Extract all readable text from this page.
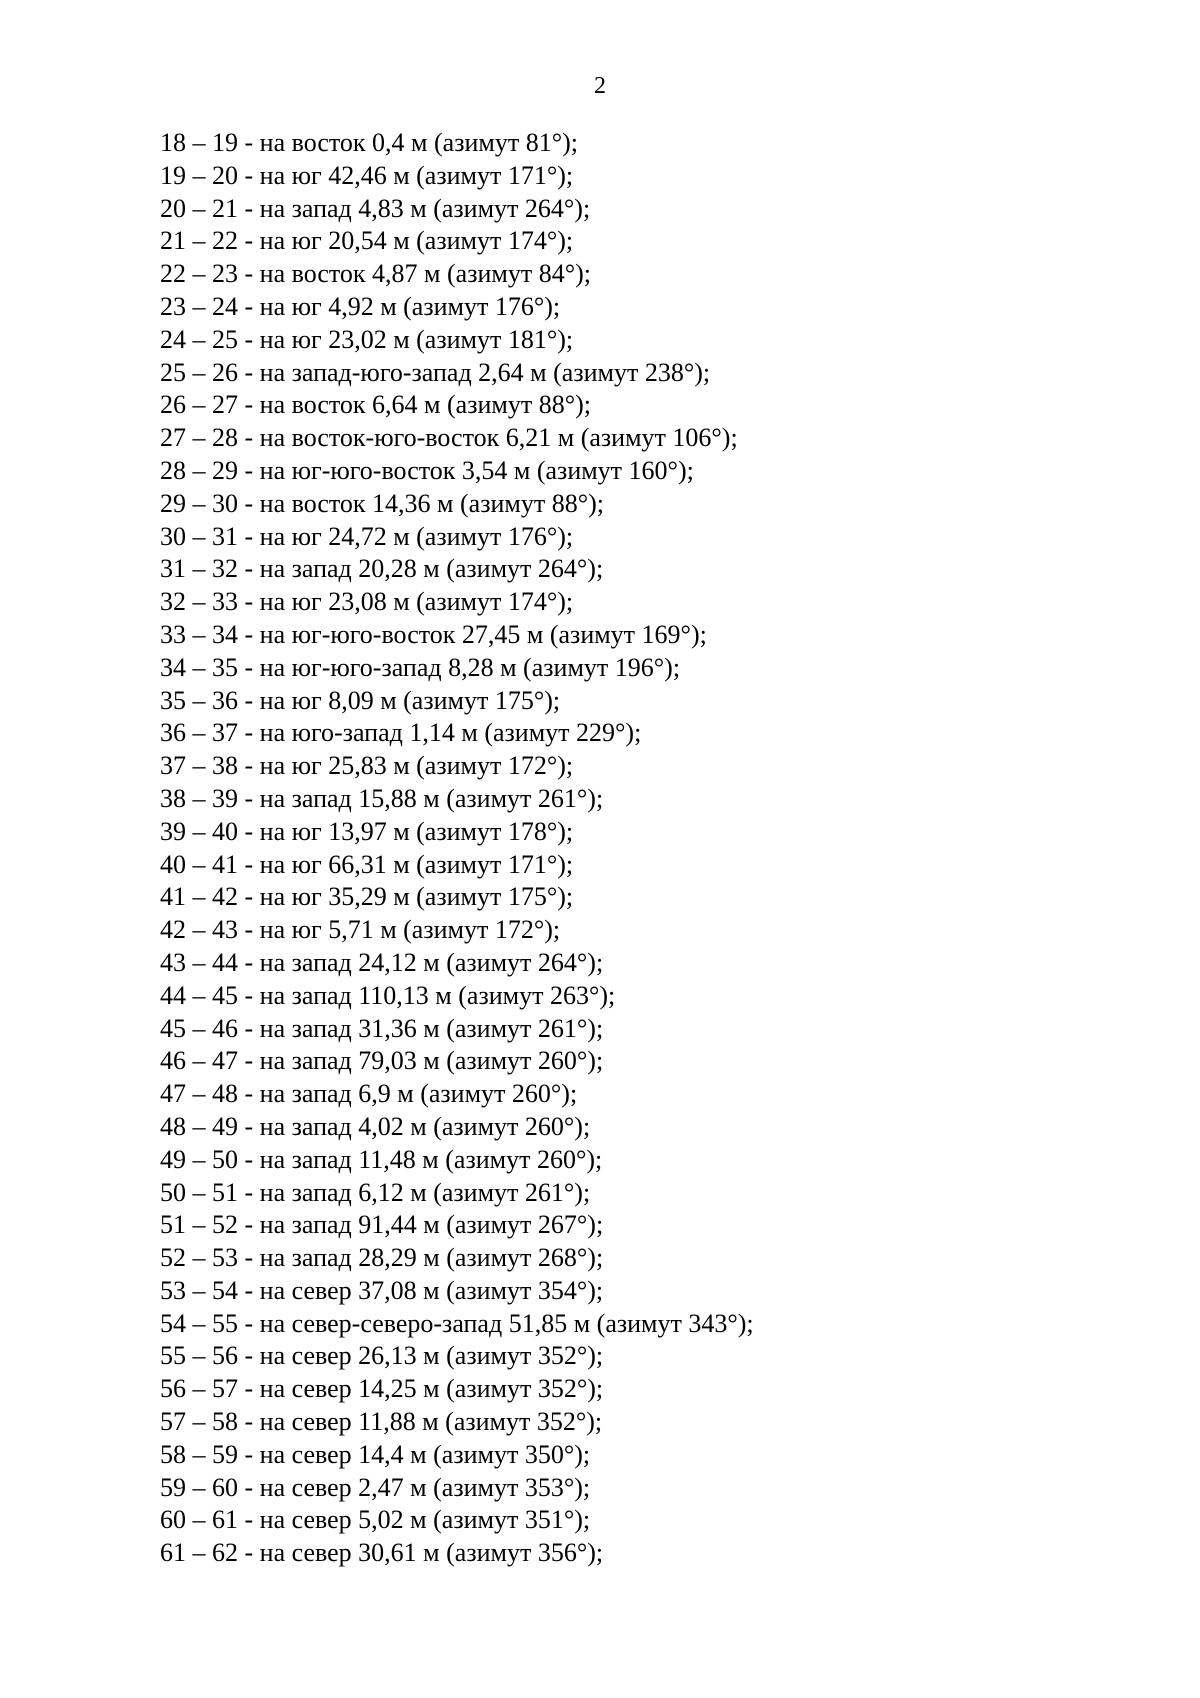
2
18 – 19 - на восток 0,4 м (азимут 81°);
19 – 20 - на юг 42,46 м (азимут 171°);
20 – 21 - на запад 4,83 м (азимут 264°);
21 – 22 - на юг 20,54 м (азимут 174°);
22 – 23 - на восток 4,87 м (азимут 84°);
23 – 24 - на юг 4,92 м (азимут 176°);
24 – 25 - на юг 23,02 м (азимут 181°);
25 – 26 - на запад-юго-запад 2,64 м (азимут 238°);
26 – 27 - на восток 6,64 м (азимут 88°);
27 – 28 - на восток-юго-восток 6,21 м (азимут 106°);
28 – 29 - на юг-юго-восток 3,54 м (азимут 160°);
29 – 30 - на восток 14,36 м (азимут 88°);
30 – 31 - на юг 24,72 м (азимут 176°);
31 – 32 - на запад 20,28 м (азимут 264°);
32 – 33 - на юг 23,08 м (азимут 174°);
33 – 34 - на юг-юго-восток 27,45 м (азимут 169°);
34 – 35 - на юг-юго-запад 8,28 м (азимут 196°);
35 – 36 - на юг 8,09 м (азимут 175°);
36 – 37 - на юго-запад 1,14 м (азимут 229°);
37 – 38 - на юг 25,83 м (азимут 172°);
38 – 39 - на запад 15,88 м (азимут 261°);
39 – 40 - на юг 13,97 м (азимут 178°);
40 – 41 - на юг 66,31 м (азимут 171°);
41 – 42 - на юг 35,29 м (азимут 175°);
42 – 43 - на юг 5,71 м (азимут 172°);
43 – 44 - на запад 24,12 м (азимут 264°);
44 – 45 - на запад 110,13 м (азимут 263°);
45 – 46 - на запад 31,36 м (азимут 261°);
46 – 47 - на запад 79,03 м (азимут 260°);
47 – 48 - на запад 6,9 м (азимут 260°);
48 – 49 - на запад 4,02 м (азимут 260°);
49 – 50 - на запад 11,48 м (азимут 260°);
50 – 51 - на запад 6,12 м (азимут 261°);
51 – 52 - на запад 91,44 м (азимут 267°);
52 – 53 - на запад 28,29 м (азимут 268°);
53 – 54 - на север 37,08 м (азимут 354°);
54 – 55 - на север-северо-запад 51,85 м (азимут 343°);
55 – 56 - на север 26,13 м (азимут 352°);
56 – 57 - на север 14,25 м (азимут 352°);
57 – 58 - на север 11,88 м (азимут 352°);
58 – 59 - на север 14,4 м (азимут 350°);
59 – 60 - на север 2,47 м (азимут 353°);
60 – 61 - на север 5,02 м (азимут 351°);
61 – 62 - на север 30,61 м (азимут 356°);
